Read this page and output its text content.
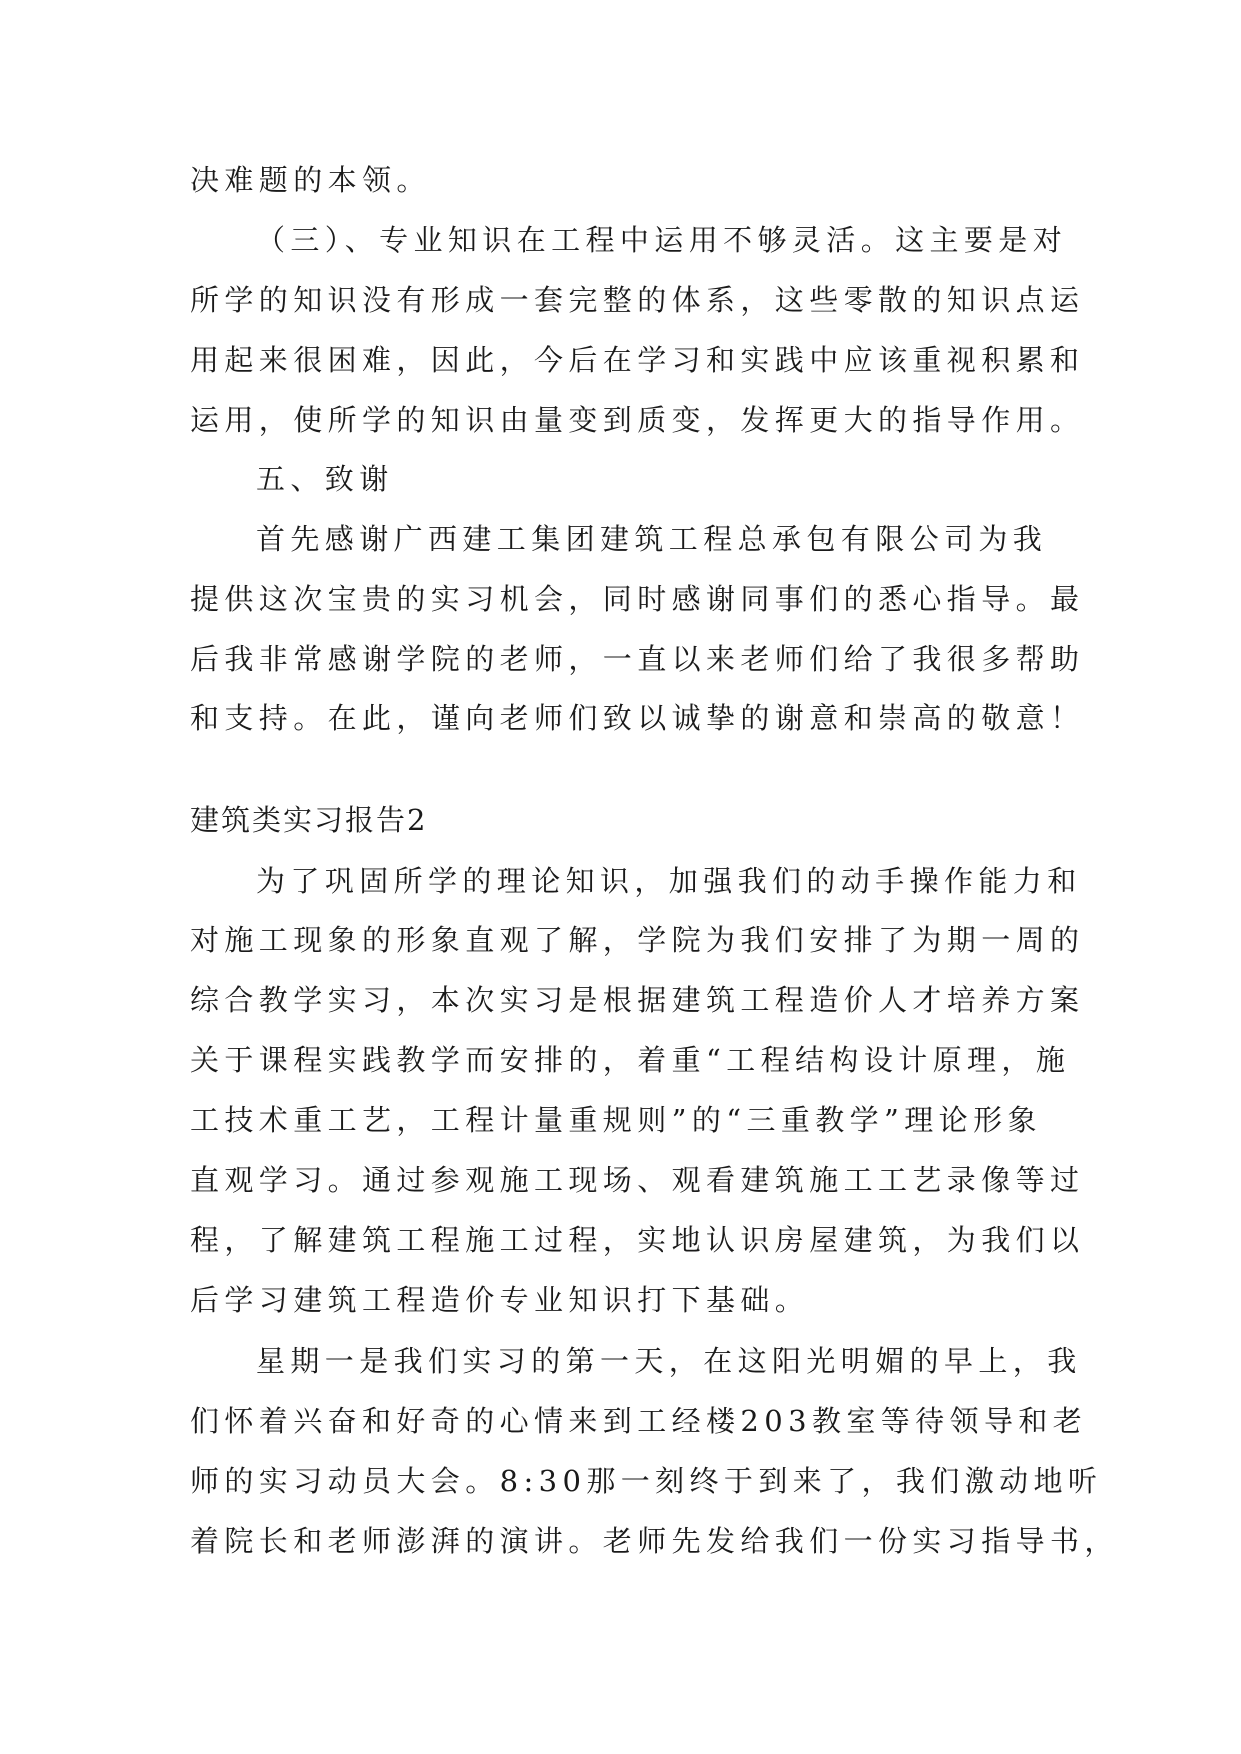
决难题的本领。
（三）、专业知识在工程中运用不够灵活。这主要是对
所学的知识没有形成一套完整的体系，这些零散的知识点运
用起来很困难，因此，今后在学习和实践中应该重视积累和
运用，使所学的知识由量变到质变，发挥更大的指导作用。
五、致谢
首先感谢广西建工集团建筑工程总承包有限公司为我
提供这次宝贵的实习机会，同时感谢同事们的悉心指导。最
后我非常感谢学院的老师，一直以来老师们给了我很多帮助
和支持。在此，谨向老师们致以诚挚的谢意和崇高的敬意！
建筑类实习报告2
为了巩固所学的理论知识，加强我们的动手操作能力和
对施工现象的形象直观了解，学院为我们安排了为期一周的
综合教学实习，本次实习是根据建筑工程造价人才培养方案
关于课程实践教学而安排的，着重“工程结构设计原理，施
工技术重工艺，工程计量重规则”的“三重教学”理论形象
直观学习。通过参观施工现场、观看建筑施工工艺录像等过
程，了解建筑工程施工过程，实地认识房屋建筑，为我们以
后学习建筑工程造价专业知识打下基础。
星期一是我们实习的第一天，在这阳光明媚的早上，我
们怀着兴奋和好奇的心情来到工经楼203教室等待领导和老
师的实习动员大会。8:30那一刻终于到来了，我们激动地听
着院长和老师澎湃的演讲。老师先发给我们一份实习指导书，
